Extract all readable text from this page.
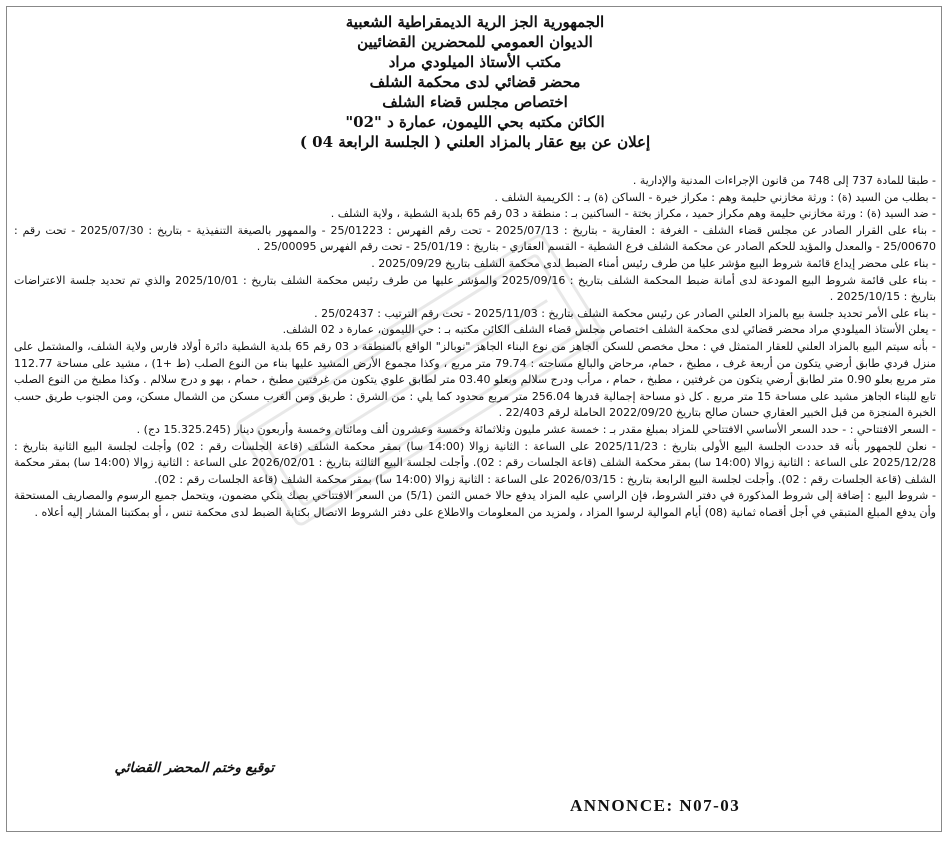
الجمهورية الجز الرية الديمقراطية الشعبية

الديوان العمومي للمحضرين القضائيين

مكتب الأستاذ الميلودي مراد

محضر قضائي لدى محكمة الشلف

اختصاص مجلس قضاء الشلف

الكائن مكتبه بحي الليمون، عمارة د "02"

إعلان عن بيع عقار بالمزاد العلني ( الجلسة الرابعة 04 )

- طبقا للمادة 737 إلى 748 من قانون الإجراءات المدنية والإدارية .

- بطلب من السيد (ة) : ورثة مخازني حليمة وهم : مكراز خيرة - الساكن (ة) بـ : الكريمية الشلف .

- ضد السيد (ة) : ورثة مخازني حليمة وهم مكراز حميد ، مكراز بختة - الساكنين بـ : منطقة د 03 رقم 65 بلدية الشطية ، ولاية الشلف .

- بناء على القرار الصادر عن مجلس قضاء الشلف - الغرفة : العقارية - بتاريخ : 2025/07/13 - تحت رقم الفهرس : 25/01223 - والممهور بالصيغة التنفيذية - بتاريخ : 2025/07/30 - تحت رقم : 25/00670 - والمعدل والمؤيد للحكم الصادر عن محكمة الشلف فرع الشطية - القسم العقاري - بتاريخ : 25/01/19 - تحت رقم الفهرس 25/00095 .

- بناء على محضر إيداع قائمة شروط البيع مؤشر عليا من طرف رئيس أمناء الضبط لدى محكمة الشلف بتاريخ 2025/09/29 .

- بناء على قائمة شروط البيع المودعة لدى أمانة ضبط المحكمة الشلف بتاريخ : 2025/09/16 والمؤشر عليها من طرف رئيس محكمة الشلف بتاريخ : 2025/10/01 والذي تم تحديد جلسة الاعتراضات بتاريخ : 2025/10/15 .

- بناء على الأمر تحديد جلسة بيع بالمزاد العلني الصادر عن رئيس محكمة الشلف بتاريخ : 2025/11/03 - تحت رقم الترتيب : 25/02437 .

- يعلن الأستاذ الميلودي مراد محضر قضائي لدى محكمة الشلف اختصاص مجلس قضاء الشلف الكائن مكتبه بـ : حي الليمون، عمارة د 02 الشلف.

- بأنه سيتم البيع بالمزاد العلني للعقار المتمثل في : محل مخصص للسكن الجاهز من نوع البناء الجاهز "نوبالز" الواقع بالمنطقة د 03 رقم 65 بلدية الشطية دائرة أولاد فارس ولاية الشلف، والمشتمل على منزل فردي طابق أرضي يتكون من أربعة غرف ، مطبخ ، حمام، مرحاض والبالغ مساحته : 79.74 متر مربع ، وكذا مجموع الأرض المشيد عليها بناء من النوع الصلب (ط +1) ، مشيد على مساحة 112.77 متر مربع بعلو 0.90 متر لطابق أرضي يتكون من غرفتين ، مطبخ ، حمام ، مرأب ودرج سلالم وبعلو 03.40 متر لطابق علوي يتكون من غرفتين مطبخ ، حمام ، بهو و درج سلالم . وكذا مطبخ من النوع الصلب تابع للبناء الجاهز مشيد على مساحة 15 متر مربع . كل ذو مساحة إجمالية قدرها 256.04 متر مربع محدود كما يلي : من الشرق : طريق ومن الغرب مسكن من الشمال مسكن، ومن الجنوب طريق حسب الخبرة المنجزة من قبل الخبير العقاري حسان صالح بتاريخ 2022/09/20 الحاملة لرقم 22/403 .

- السعر الافتتاحي : - حدد السعر الأساسي الافتتاحي للمزاد بمبلغ مقدر بـ : خمسة عشر مليون وثلاثمائة وخمسة وعشرون ألف ومائتان وخمسة وأربعون دينار (15.325.245 دج) .

- نعلن للجمهور بأنه قد حددت الجلسة البيع الأولى بتاريخ : 2025/11/23 على الساعة : الثانية زوالا (14:00 سا) بمقر محكمة الشلف (قاعة الجلسات رقم : 02) وأجلت لجلسة البيع الثانية بتاريخ : 2025/12/28 على الساعة : الثانية زوالا (14:00 سا) بمقر محكمة الشلف (قاعة الجلسات رقم : 02). وأجلت لجلسة البيع الثالثة بتاريخ : 2026/02/01 على الساعة : الثانية زوالا (14:00 سا) بمقر محكمة الشلف (قاعة الجلسات رقم : 02). وأجلت لجلسة البيع الرابعة بتاريخ : 2026/03/15 على الساعة : الثانية زوالا (14:00 سا) بمقر محكمة الشلف (قاعة الجلسات رقم : 02).

- شروط البيع : إضافة إلى شروط المذكورة في دفتر الشروط، فإن الراسي عليه المزاد يدفع حالا خمس الثمن (5/1) من السعر الافتتاحي بصك بنكي مضمون، ويتحمل جميع الرسوم والمصاريف المستحقة وأن يدفع المبلغ المتبقي في أجل أقصاه ثمانية (08) أيام الموالية لرسوا المزاد ، ولمزيد من المعلومات والاطلاع على دفتر الشروط الاتصال بكتابة الضبط لدى محكمة تنس ، أو بمكتبنا المشار إليه أعلاه .

توقيع وختم المحضر القضائي
ANNONCE: N07-03
